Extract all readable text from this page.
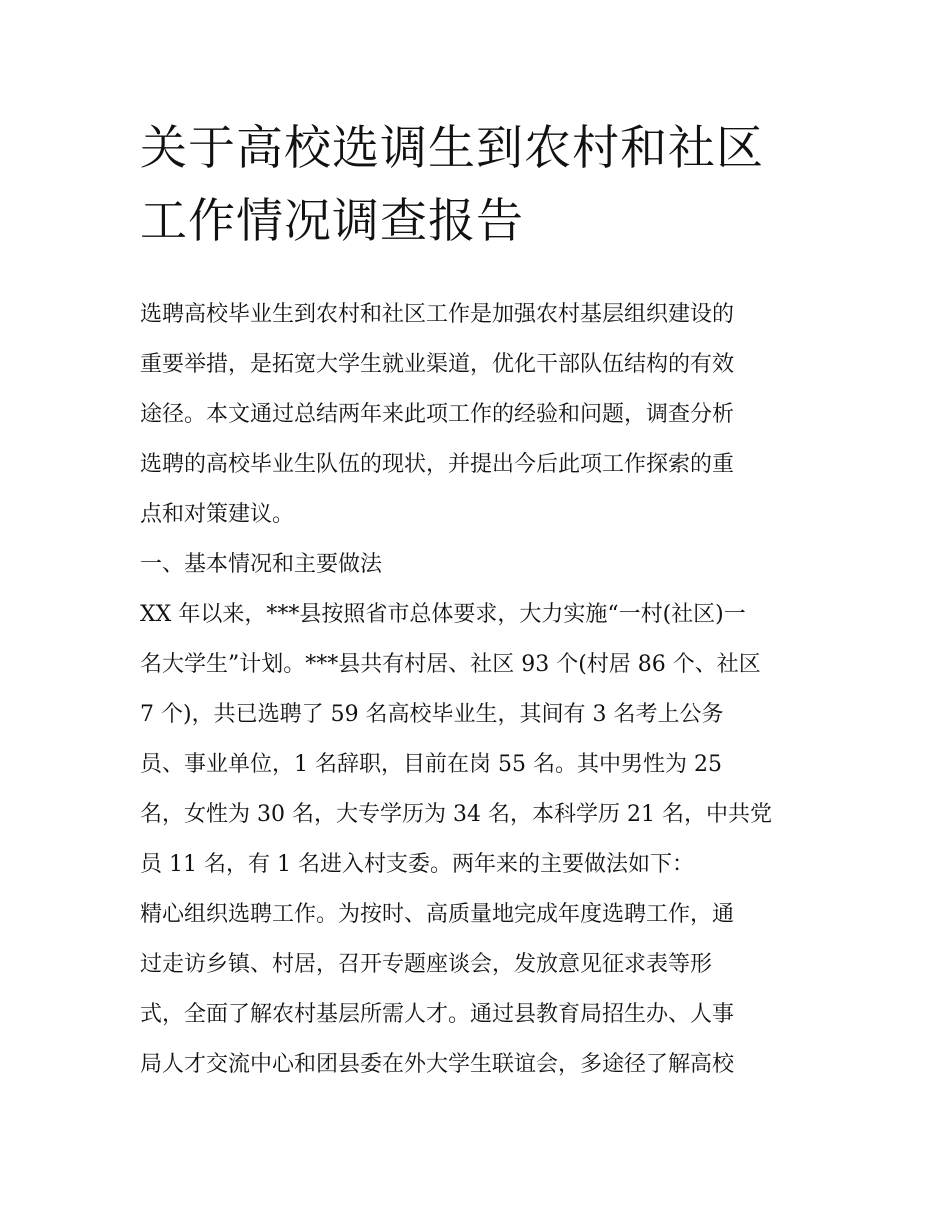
关于高校选调生到农村和社区
工作情况调查报告
选聘高校毕业生到农村和社区工作是加强农村基层组织建设的
重要举措，是拓宽大学生就业渠道，优化干部队伍结构的有效
途径。本文通过总结两年来此项工作的经验和问题，调查分析
选聘的高校毕业生队伍的现状，并提出今后此项工作探索的重
点和对策建议。
一、基本情况和主要做法
XX 年以来，***县按照省市总体要求，大力实施“一村(社区)一
名大学生”计划。***县共有村居、社区 93 个(村居 86 个、社区
7 个)，共已选聘了 59 名高校毕业生，其间有 3 名考上公务
员、事业单位，1 名辞职，目前在岗 55 名。其中男性为 25
名，女性为 30 名，大专学历为 34 名，本科学历 21 名，中共党
员 11 名，有 1 名进入村支委。两年来的主要做法如下：
精心组织选聘工作。为按时、高质量地完成年度选聘工作，通
过走访乡镇、村居，召开专题座谈会，发放意见征求表等形
式，全面了解农村基层所需人才。通过县教育局招生办、人事
局人才交流中心和团县委在外大学生联谊会，多途径了解高校
